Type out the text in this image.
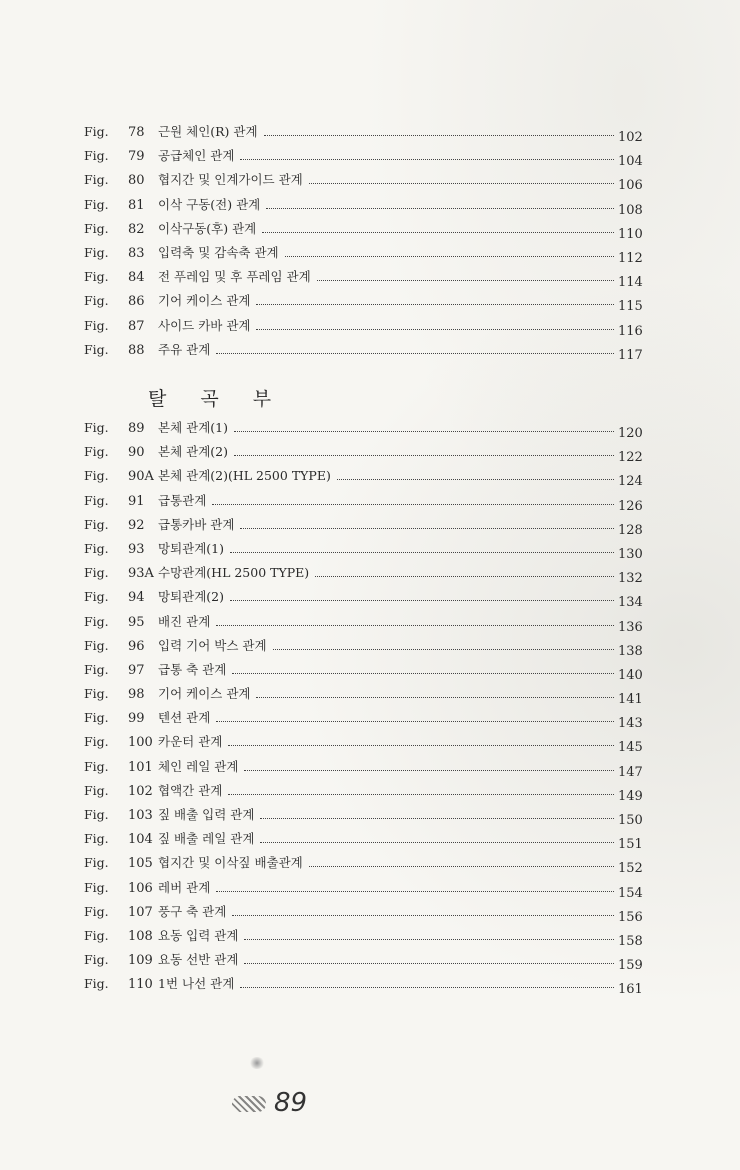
Fig.	78	근원 체인(R) 관계	102
Fig.	79	공급체인 관계	104
Fig.	80	협지간 및 인계가이드 관계	106
Fig.	81	이삭 구동(전) 관계	108
Fig.	82	이삭구동(후) 관계	110
Fig.	83	입력축 및 감속축 관계	112
Fig.	84	전 푸레임 및 후 푸레임 관계	114
Fig.	86	기어 케이스 관계	115
Fig.	87	사이드 카바 관계	116
Fig.	88	주유 관계	117
탈 곡 부
Fig.	89	본체 관계(1)	120
Fig.	90	본체 관계(2)	122
Fig.	90A 본체 관계(2)(HL 2500 TYPE)	124
Fig.	91	급통관계	126
Fig.	92	급통카바 관계	128
Fig.	93	망퇴관계(1)	130
Fig.	93A 수망관계(HL 2500 TYPE)	132
Fig.	94	망퇴관계(2)	134
Fig.	95	배진 관계	136
Fig.	96	입력 기어 박스 관계	138
Fig.	97	급통 축 관계	140
Fig.	98	기어 케이스 관계	141
Fig.	99	텐션 관계	143
Fig.	100 카운터 관계	145
Fig.	101 체인 레일 관계	147
Fig.	102 협액간 관계	149
Fig.	103 짚 배출 입력 관계	150
Fig.	104 짚 배출 레일 관계	151
Fig.	105 협지간 및 이삭짚 배출관계	152
Fig.	106 레버 관계	154
Fig.	107 풍구 축 관계	156
Fig.	108 요동 입력 관계	158
Fig.	109 요동 선반 관계	159
Fig.	110 1번 나선 관계	161
89
